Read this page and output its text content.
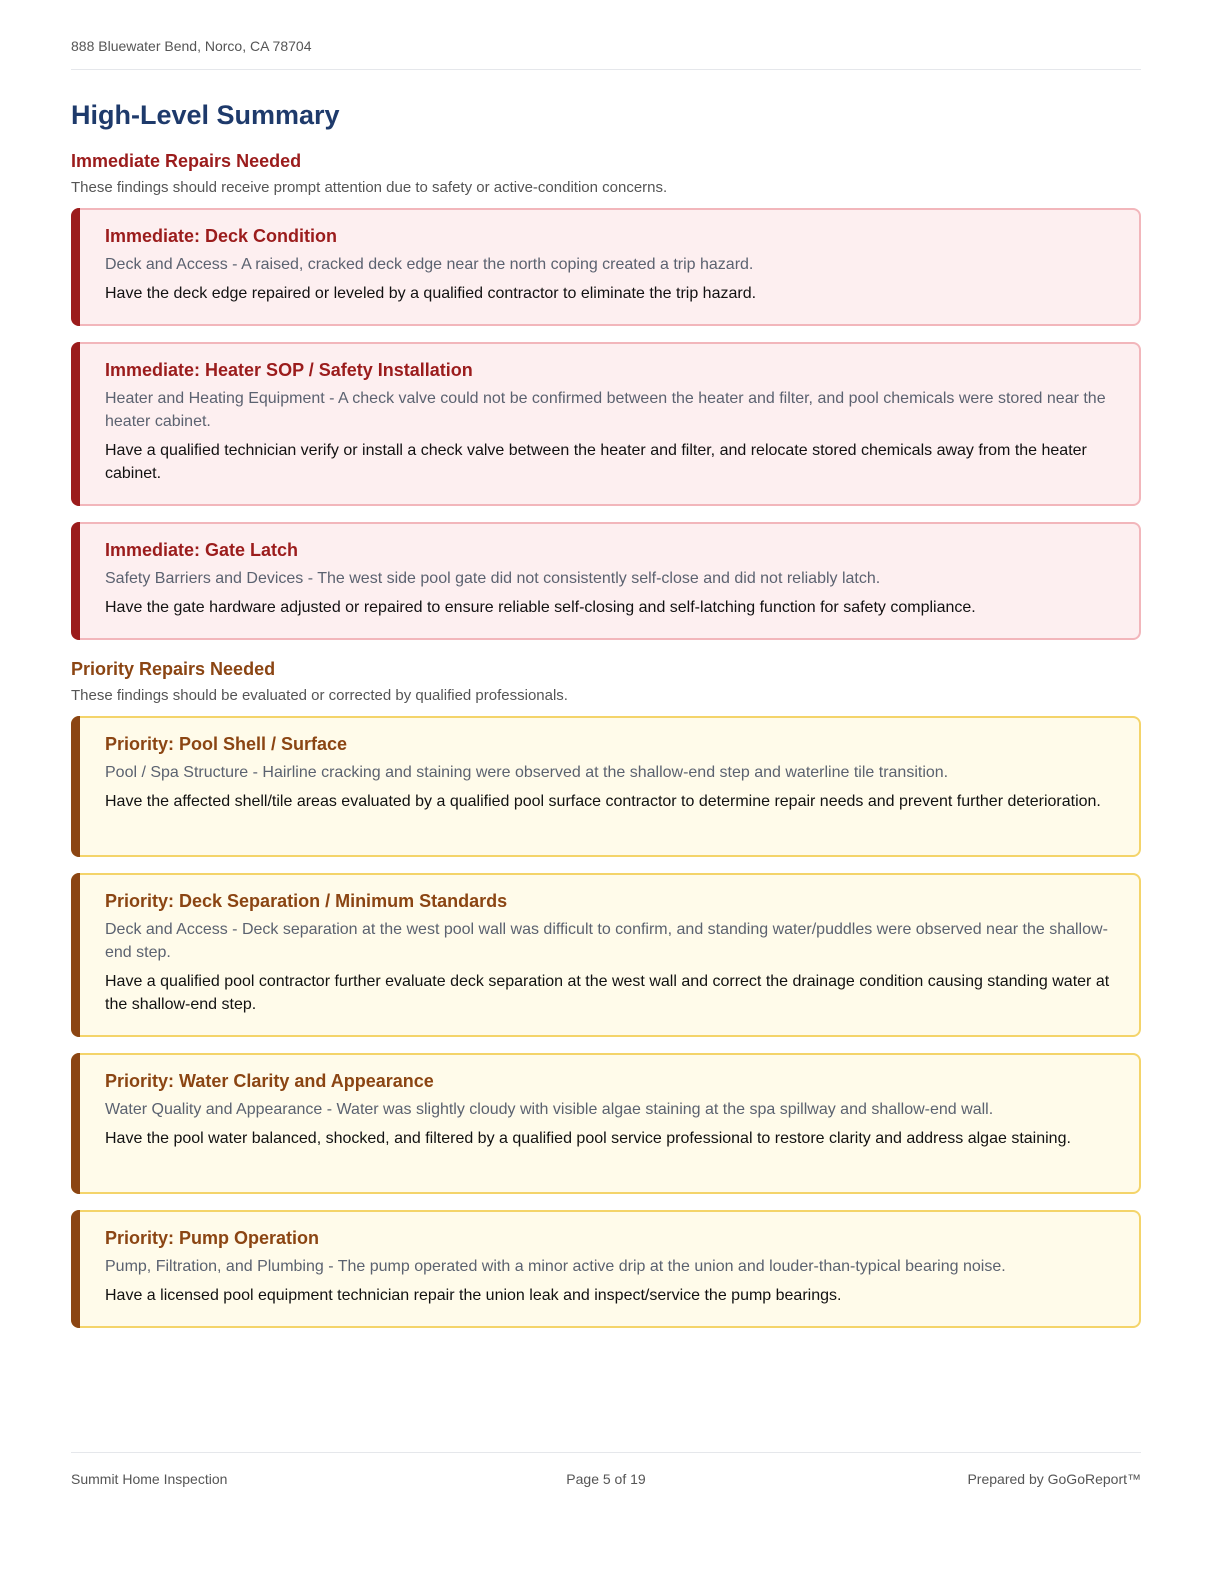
888 Bluewater Bend, Norco, CA 78704
High-Level Summary
Immediate Repairs Needed

These findings should receive prompt attention due to safety or active-condition concerns.

Immediate: Deck Condition

Deck and Access - A raised, cracked deck edge near the north coping created a trip hazard.

Have the deck edge repaired or leveled by a qualified contractor to eliminate the trip hazard.

Immediate: Heater SOP / Safety Installation

Heater and Heating Equipment - A check valve could not be confirmed between the heater and filter, and pool chemicals were stored near the heater cabinet.

Have a qualified technician verify or install a check valve between the heater and filter, and relocate stored chemicals away from the heater cabinet.

Immediate: Gate Latch

Safety Barriers and Devices - The west side pool gate did not consistently self-close and did not reliably latch.

Have the gate hardware adjusted or repaired to ensure reliable self-closing and self-latching function for safety compliance.

Priority Repairs Needed

These findings should be evaluated or corrected by qualified professionals.

Priority: Pool Shell / Surface

Pool / Spa Structure - Hairline cracking and staining were observed at the shallow-end step and waterline tile transition.

Have the affected shell/tile areas evaluated by a qualified pool surface contractor to determine repair needs and prevent further deterioration.

Priority: Deck Separation / Minimum Standards

Deck and Access - Deck separation at the west pool wall was difficult to confirm, and standing water/puddles were observed near the shallow-end step.

Have a qualified pool contractor further evaluate deck separation at the west wall and correct the drainage condition causing standing water at the shallow-end step.

Priority: Water Clarity and Appearance

Water Quality and Appearance - Water was slightly cloudy with visible algae staining at the spa spillway and shallow-end wall.

Have the pool water balanced, shocked, and filtered by a qualified pool service professional to restore clarity and address algae staining.

Priority: Pump Operation

Pump, Filtration, and Plumbing - The pump operated with a minor active drip at the union and louder-than-typical bearing noise.

Have a licensed pool equipment technician repair the union leak and inspect/service the pump bearings.

Summit Home Inspection	Page 5 of 19	Prepared by GoGoReport™
